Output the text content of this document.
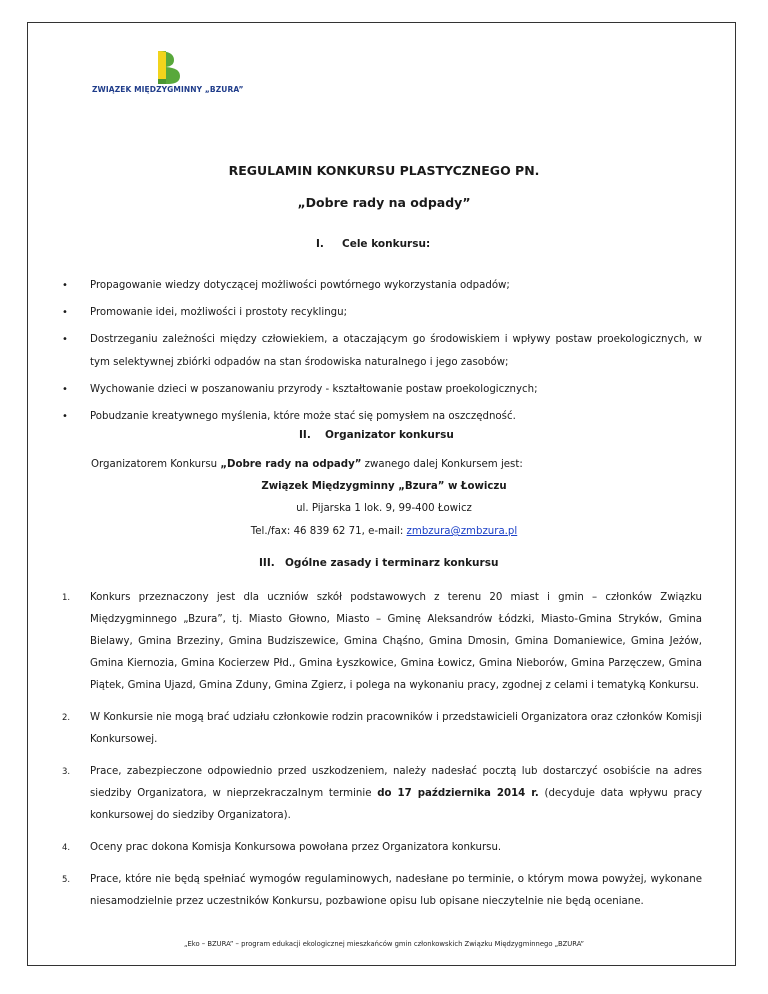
ZWIĄZEK MIĘDZYGMINNY „BZURA”
REGULAMIN KONKURSU PLASTYCZNEGO PN.
„Dobre rady na odpady”
I. Cele konkursu:
• Propagowanie wiedzy dotyczącej możliwości powtórnego wykorzystania odpadów;
• Promowanie idei, możliwości i prostoty recyklingu;
• Dostrzeganiu zależności między człowiekiem, a otaczającym go środowiskiem i wpływy postaw proekologicznych, w tym selektywnej zbiórki odpadów na stan środowiska naturalnego i jego zasobów;
• Wychowanie dzieci w poszanowaniu przyrody - kształtowanie postaw proekologicznych;
• Pobudzanie kreatywnego myślenia, które może stać się pomysłem na oszczędność.
II. Organizator konkursu
Organizatorem Konkursu „Dobre rady na odpady” zwanego dalej Konkursem jest:
Związek Międzygminny „Bzura” w Łowiczu
ul. Pijarska 1 lok. 9, 99-400 Łowicz
Tel./fax: 46 839 62 71, e-mail: zmbzura@zmbzura.pl
III. Ogólne zasady i terminarz konkursu
1. Konkurs przeznaczony jest dla uczniów szkół podstawowych z terenu 20 miast i gmin – członków Związku Międzygminnego „Bzura”, tj. Miasto Głowno, Miasto – Gminę Aleksandrów Łódzki, Miasto-Gmina Stryków, Gmina Bielawy, Gmina Brzeziny, Gmina Budziszewice, Gmina Chąśno, Gmina Dmosin, Gmina Domaniewice, Gmina Jeżów, Gmina Kiernozia, Gmina Kocierzew Płd., Gmina Łyszkowice, Gmina Łowicz, Gmina Nieborów, Gmina Parzęczew, Gmina Piątek, Gmina Ujazd, Gmina Zduny, Gmina Zgierz, i polega na wykonaniu pracy, zgodnej z celami i tematyką Konkursu.
2. W Konkursie nie mogą brać udziału członkowie rodzin pracowników i przedstawicieli Organizatora oraz członków Komisji Konkursowej.
3. Prace, zabezpieczone odpowiednio przed uszkodzeniem, należy nadesłać pocztą lub dostarczyć osobiście na adres siedziby Organizatora, w nieprzekraczalnym terminie do 17 października 2014 r. (decyduje data wpływu pracy konkursowej do siedziby Organizatora).
4. Oceny prac dokona Komisja Konkursowa powołana przez Organizatora konkursu.
5. Prace, które nie będą spełniać wymogów regulaminowych, nadesłane po terminie, o którym mowa powyżej, wykonane niesamodzielnie przez uczestników Konkursu, pozbawione opisu lub opisane nieczytelnie nie będą oceniane.
„Eko – BZURA” – program edukacji ekologicznej mieszkańców gmin członkowskich Związku Międzygminnego „BZURA”
